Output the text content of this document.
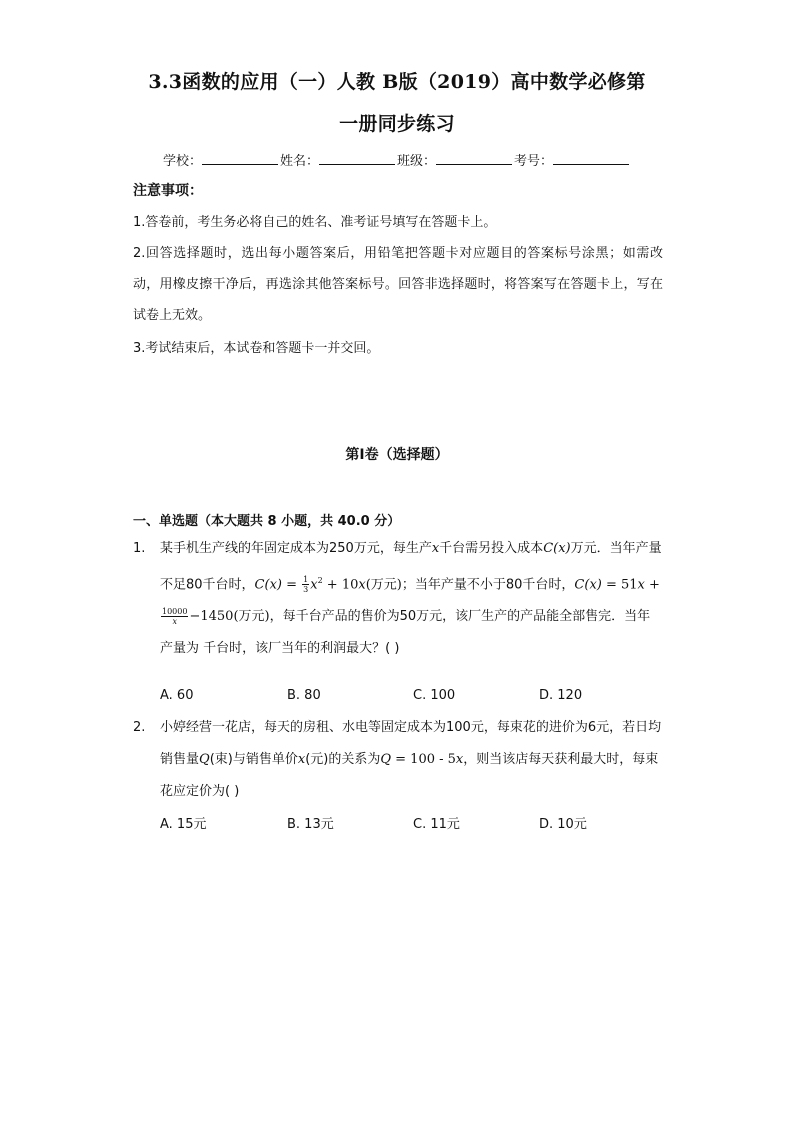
3.3函数的应用（一）人教 B版（2019）高中数学必修第
一册同步练习
学校：	姓名：	班级：	考号：
注意事项：
1.答卷前，考生务必将自己的姓名、准考证号填写在答题卡上。
2.回答选择题时，选出每小题答案后，用铅笔把答题卡对应题目的答案标号涂黑；如需改动，用橡皮擦干净后，再选涂其他答案标号。回答非选择题时，将答案写在答题卡上，写在试卷上无效。
3.考试结束后，本试卷和答题卡一并交回。
第Ⅰ卷（选择题）
一、单选题（本大题共 8 小题，共 40.0 分）
1. 某手机生产线的年固定成本为250万元，每生产x千台需另投入成本C(x)万元．当年产量不足80千台时，$C(x) = \frac{1}{3} x^2 + 10x$(万元)；当年产量不小于80千台时，C(x) = 51x +
$\frac{10000}{x} -1450$(万元)，每千台产品的售价为50万元，该厂生产的产品能全部售完．当年产量为 千台时，该厂当年的利润最大？( )
A. 60	B. 80	C. 100	D. 120
2. 小婷经营一花店，每天的房租、水电等固定成本为100元，每束花的进价为6元，若日均销售量Q(束)与销售单价x(元)的关系为Q = 100 - 5x，则当该店每天获利最大时，每束花应定价为( )
A. 15元	B. 13元	C. 11元	D. 10元
